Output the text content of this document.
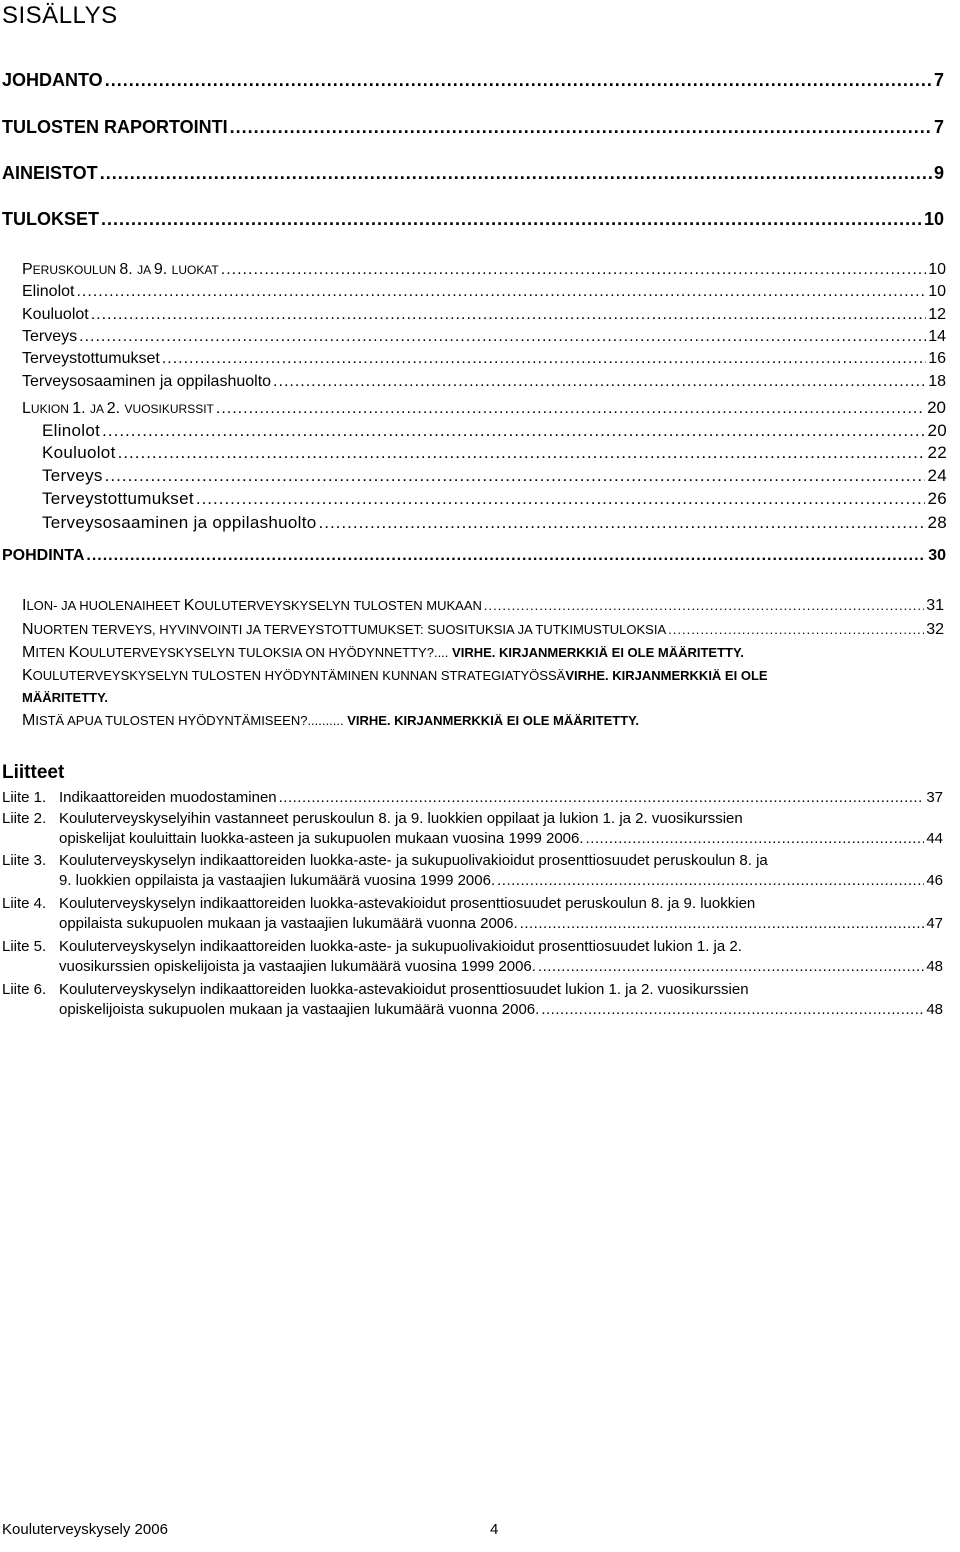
SISÄLLYS
JOHDANTO .....	7
TULOSTEN RAPORTOINTI .....	7
AINEISTOT .....	9
TULOKSET .....	10
PERUSKOULUN 8. JA 9. LUOKAT .....	10
Elinolot .....	10
Kouluolot .....	12
Terveys .....	14
Terveystottumukset .....	16
Terveysosaaminen ja oppilashuolto .....	18
LUKION 1. JA 2. VUOSIKURSSIT .....	20
Elinolot .....	20
Kouluolot .....	22
Terveys .....	24
Terveystottumukset .....	26
Terveysosaaminen ja oppilashuolto .....	28
POHDINTA .....	30
ILON- JA HUOLENAIHEET KOULUTERVEYSKYSELYN TULOSTEN MUKAAN .....	31
NUORTEN TERVEYS, HYVINVOINTI JA TERVEYSTOTTUMUKSET: SUOSITUKSIA JA TUTKIMUSTULOKSIA .....	32
MITEN KOULUTERVEYSKYSELYN TULOKSIA ON HYÖDYNNETTY?.... VIRHE. KIRJANMERKKIÄ EI OLE MÄÄRITETTY.
KOULUTERVEYSKYSELYN TULOSTEN HYÖDYNTÄMINEN KUNNAN STRATEGIATYÖSSÄVIRHE. KIRJANMERKKIÄ EI OLE
MÄÄRITETTY.
MISTÄ APUA TULOSTEN HYÖDYNTÄMISEEN?.......... VIRHE. KIRJANMERKKIÄ EI OLE MÄÄRITETTY.
Liitteet
Liite 1. Indikaattoreiden muodostaminen .....	37
Liite 2. Kouluterveyskyselyihin vastanneet peruskoulun 8. ja 9. luokkien oppilaat ja lukion 1. ja 2. vuosikurssien
opiskelijat kouluittain luokka-asteen ja sukupuolen mukaan vuosina 1999 2006. .....	44
Liite 3. Kouluterveyskyselyn indikaattoreiden luokka-aste- ja sukupuolivakioidut prosenttiosuudet peruskoulun 8. ja
9. luokkien oppilaista ja vastaajien lukumäärä vuosina 1999 2006. .....	46
Liite 4. Kouluterveyskyselyn indikaattoreiden luokka-astevakioidut prosenttiosuudet peruskoulun 8. ja 9. luokkien
oppilaista sukupuolen mukaan ja vastaajien lukumäärä vuonna 2006. .....	47
Liite 5. Kouluterveyskyselyn indikaattoreiden luokka-aste- ja sukupuolivakioidut prosenttiosuudet lukion 1. ja 2.
vuosikurssien opiskelijoista ja vastaajien lukumäärä vuosina 1999 2006. .....	48
Liite 6. Kouluterveyskyselyn indikaattoreiden luokka-astevakioidut prosenttiosuudet lukion 1. ja 2. vuosikurssien
opiskelijoista sukupuolen mukaan ja vastaajien lukumäärä vuonna 2006. .....	48
Kouluterveyskysely 2006	4
